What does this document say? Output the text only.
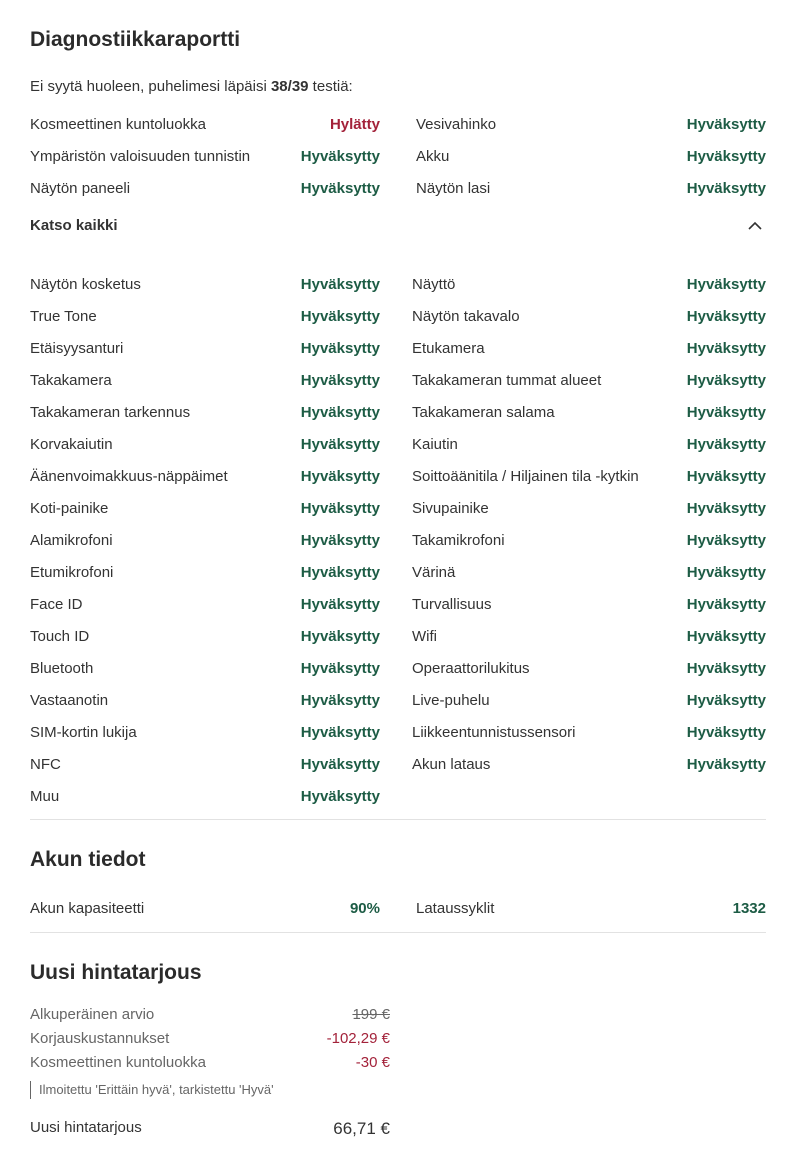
Diagnostiikkaraportti
Ei syytä huoleen, puhelimesi läpäisi 38/39 testiä:
Kosmeettinen kuntoluokka	Hylätty Vesivahinko	Hyväksytty
Ympäristön valoisuuden tunnistin	Hyväksytty Akku	Hyväksytty
Näytön paneeli	Hyväksytty Näytön lasi	Hyväksytty
Katso kaikki
Näytön kosketus	Hyväksytty Näyttö	Hyväksytty
True Tone	Hyväksytty Näytön takavalo	Hyväksytty
Etäisyysanturi	Hyväksytty Etukamera	Hyväksytty
Takakamera	Hyväksytty Takakameran tummat alueet	Hyväksytty
Takakameran tarkennus	Hyväksytty Takakameran salama	Hyväksytty
Korvakaiutin	Hyväksytty Kaiutin	Hyväksytty
Äänenvoimakkuus-näppäimet	Hyväksytty Soittoäänitila / Hiljainen tila -kytkin	Hyväksytty
Koti-painike	Hyväksytty Sivupainike	Hyväksytty
Alamikrofoni	Hyväksytty Takamikrofoni	Hyväksytty
Etumikrofoni	Hyväksytty Värinä	Hyväksytty
Face ID	Hyväksytty Turvallisuus	Hyväksytty
Touch ID	Hyväksytty Wifi	Hyväksytty
Bluetooth	Hyväksytty Operaattorilukitus	Hyväksytty
Vastaanotin	Hyväksytty Live-puhelu	Hyväksytty
SIM-kortin lukija	Hyväksytty Liikkeentunnistussensori	Hyväksytty
NFC	Hyväksytty Akun lataus	Hyväksytty
Muu	Hyväksytty
Akun tiedot
Akun kapasiteetti	90% Lataussyklit	1332
Uusi hintatarjous
Alkuperäinen arvio	199 €
Korjauskustannukset	-102,29 €
Kosmeettinen kuntoluokka	-30 €
Ilmoitettu 'Erittäin hyvä', tarkistettu 'Hyvä'
Uusi hintatarjous	66,71 €
